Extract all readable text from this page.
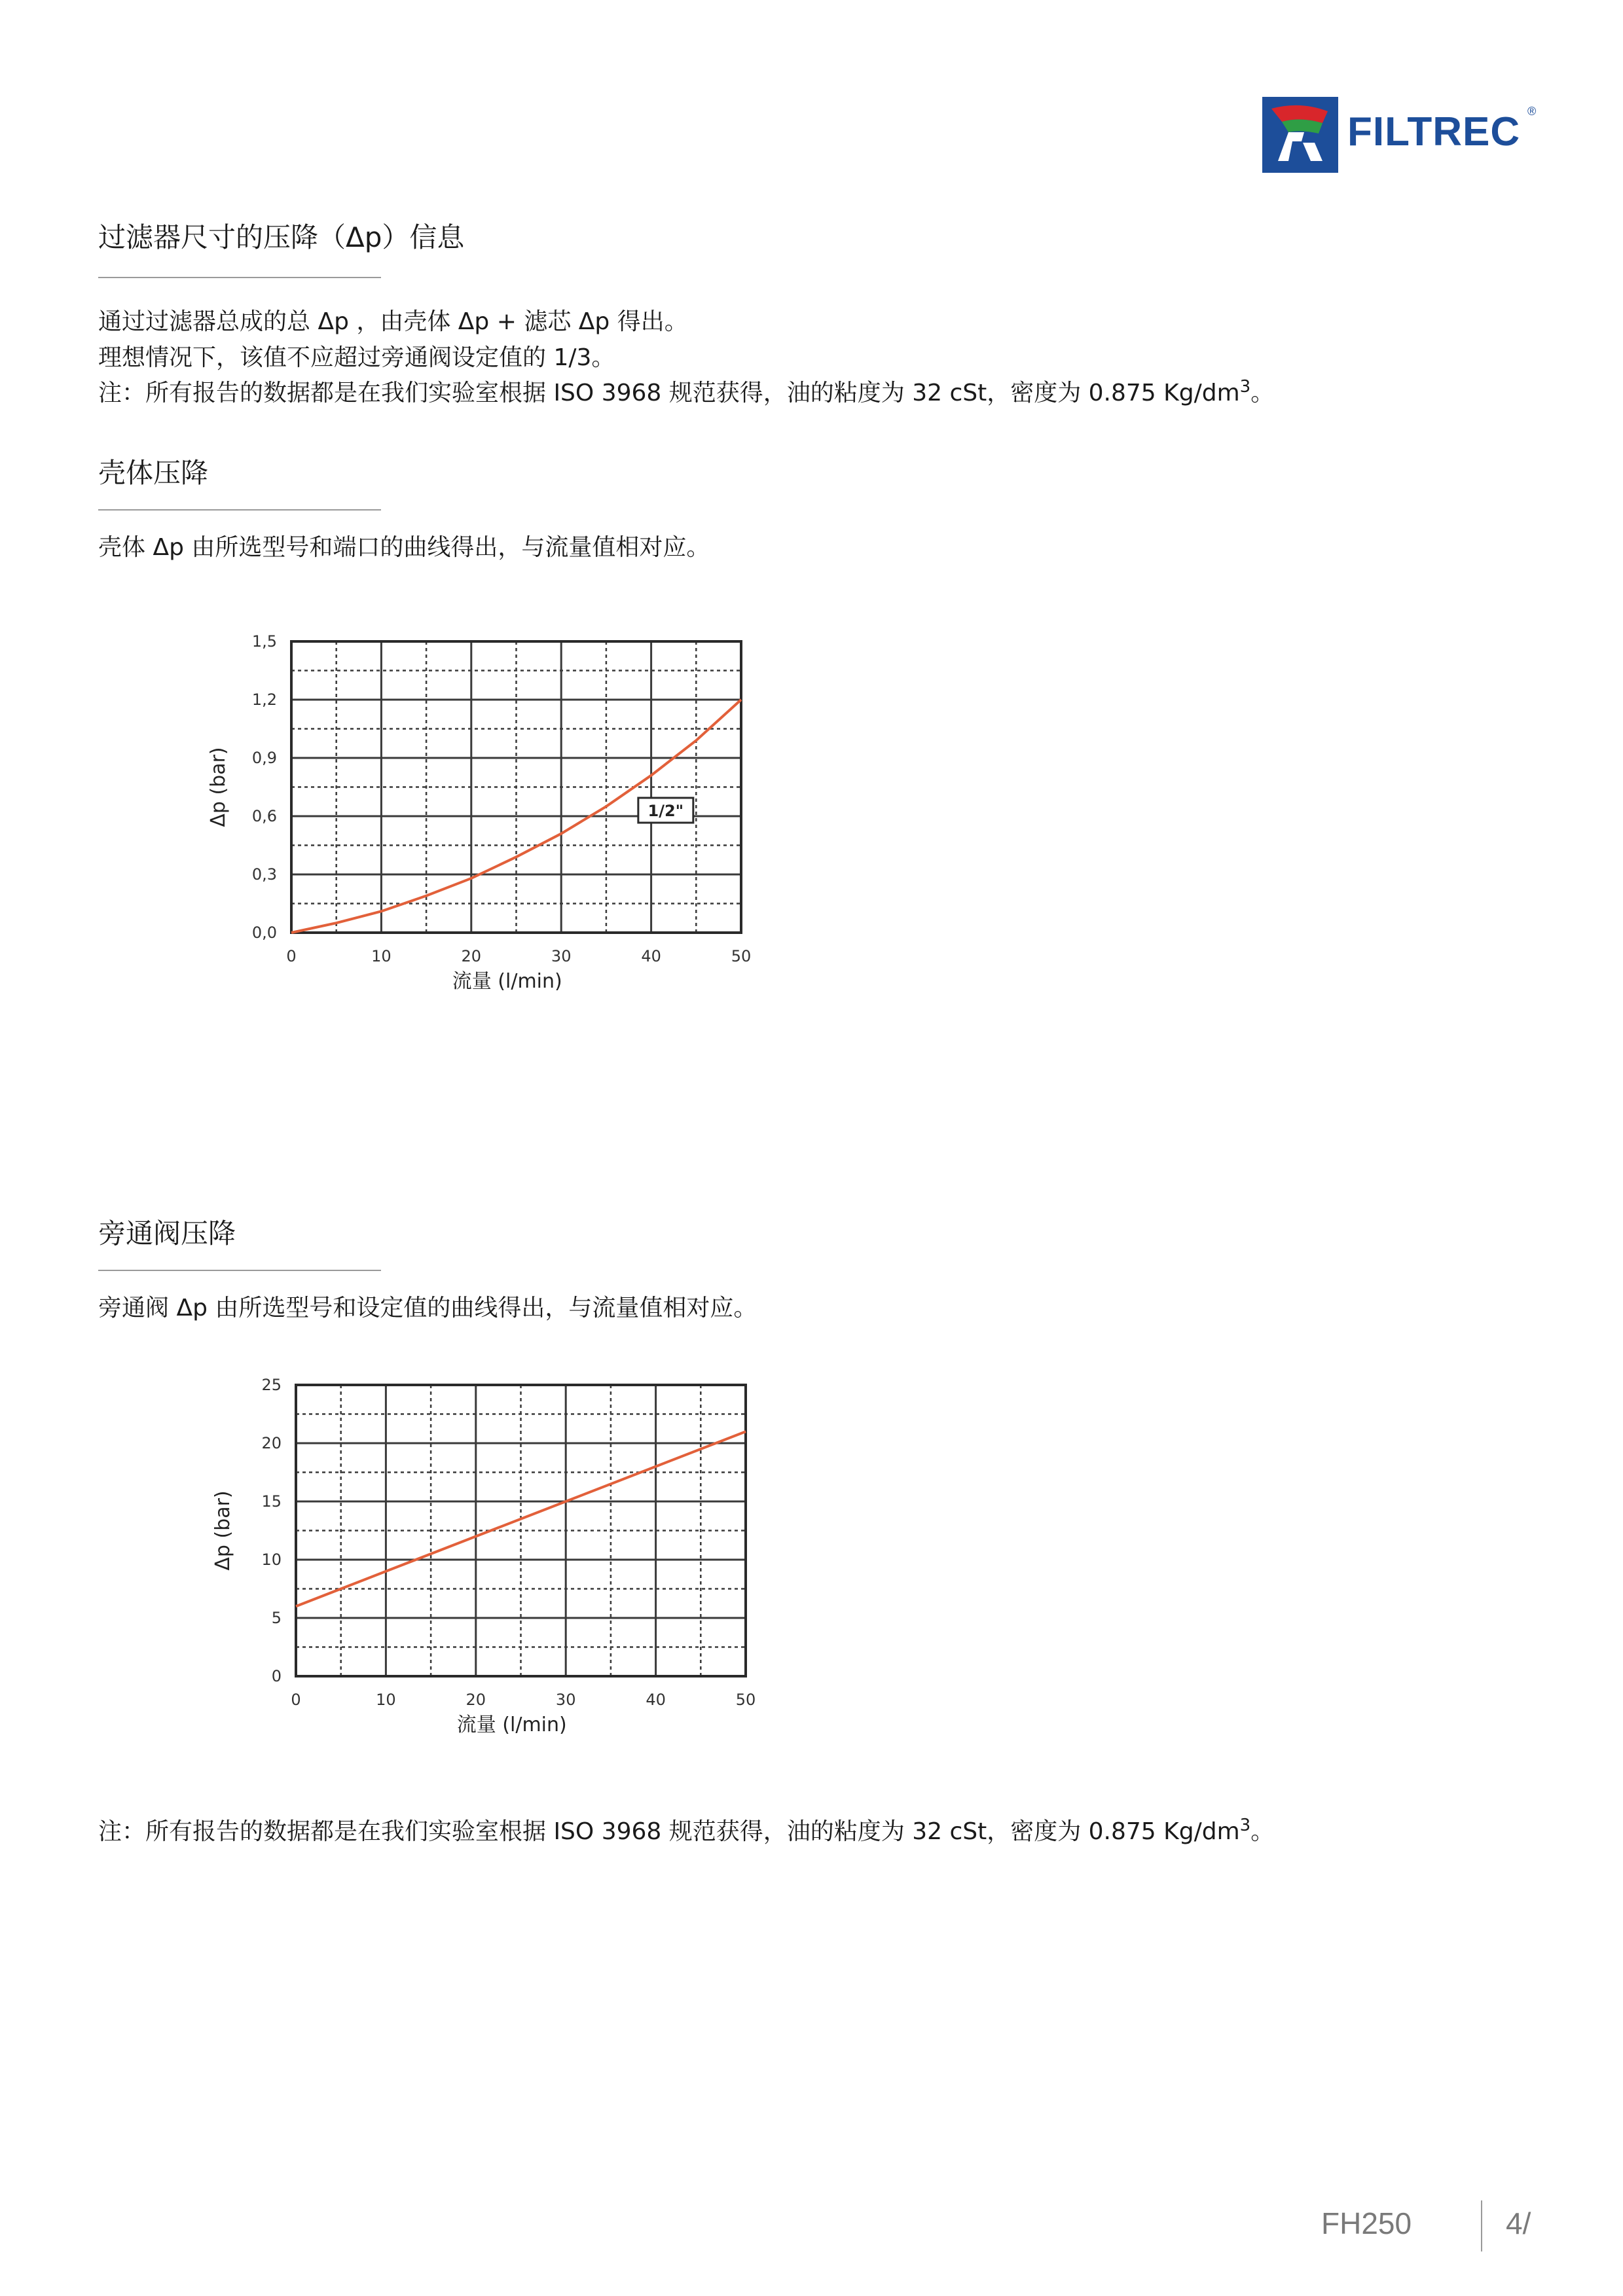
FILTREC ®
过滤器尺寸的压降（Δp）信息
通过过滤器总成的总 Δp ，由壳体 Δp + 滤芯 Δp 得出。
理想情况下，该值不应超过旁通阀设定值的 1/3。
注：所有报告的数据都是在我们实验室根据 ISO 3968 规范获得，油的粘度为 32 cSt，密度为 0.875 $Kg/dm^3$。
壳体压降
壳体 Δp 由所选型号和端口的曲线得出，与流量值相对应。
0	10	20	30	40	50
0,0
0,3
0,6
0,9
1,2
1,5
流量 (l/min)
Δp (bar)	1/2"
旁通阀压降
旁通阀 Δp 由所选型号和设定值的曲线得出，与流量值相对应。
0	10	20	30	40	50
0
5
10
15
20
25
流量 (l/min)
Δp (bar)
注：所有报告的数据都是在我们实验室根据 ISO 3968 规范获得，油的粘度为 32 cSt，密度为 0.875 $Kg/dm^3$。
FH250	4/
